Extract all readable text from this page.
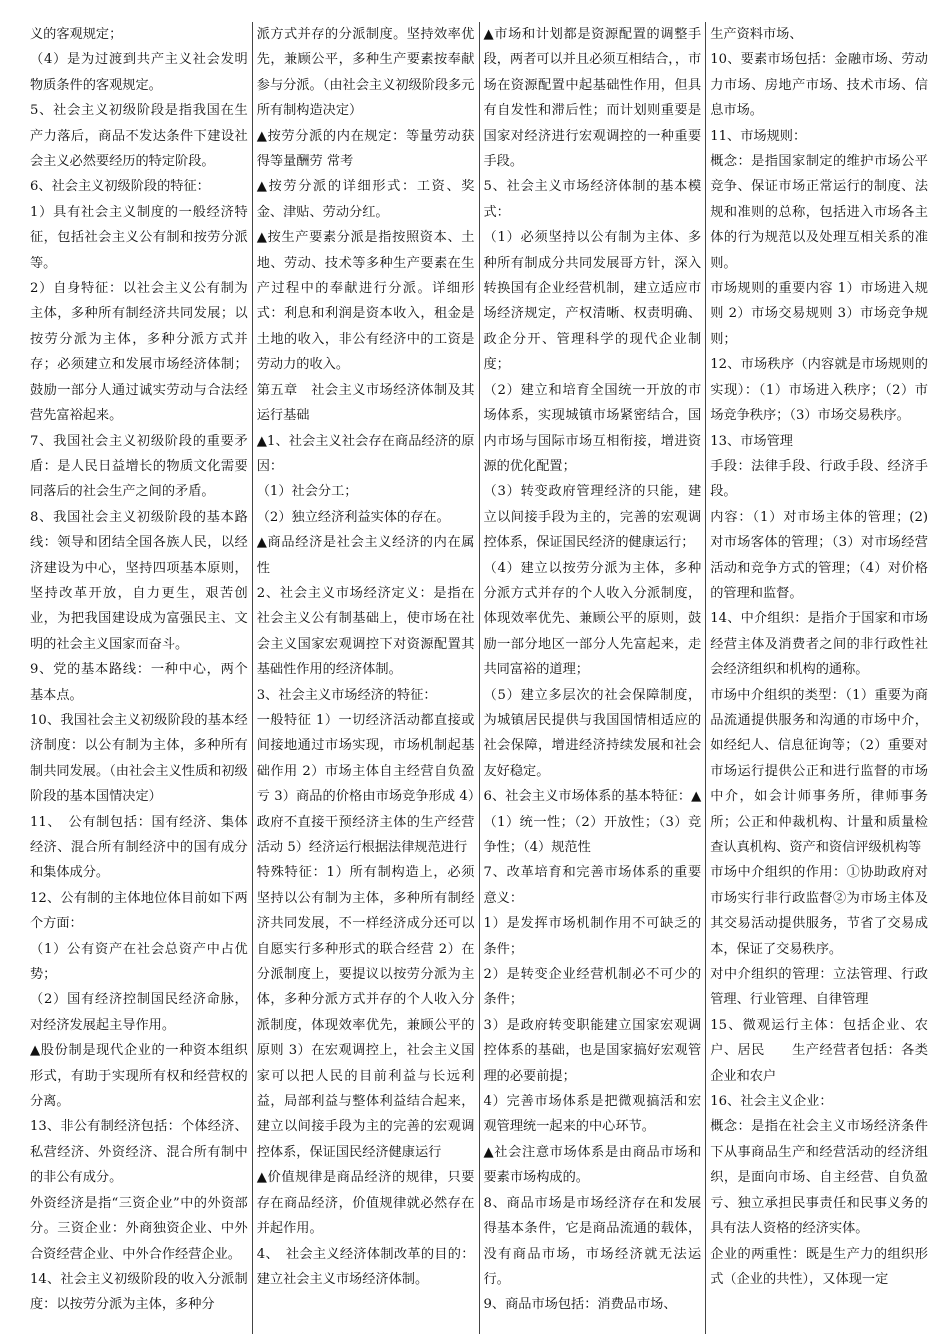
义的客观规定；

（4）是为过渡到共产主义社会发明物质条件的客观规定。

5、社会主义初级阶段是指我国在生产力落后，商品不发达条件下建设社会主义必然要经历的特定阶段。

6、社会主义初级阶段的特征：

1）具有社会主义制度的一般经济特征，包括社会主义公有制和按劳分派等。

2）自身特征：以社会主义公有制为主体，多种所有制经济共同发展；以按劳分派为主体，多种分派方式并存；必须建立和发展市场经济体制；鼓励一部分人通过诚实劳动与合法经营先富裕起来。

7、我国社会主义初级阶段的重要矛盾：是人民日益增长的物质文化需要同落后的社会生产之间的矛盾。

8、我国社会主义初级阶段的基本路线：领导和团结全国各族人民，以经济建设为中心，坚持四项基本原则，坚持改革开放，自力更生，艰苦创业，为把我国建设成为富强民主、文明的社会主义国家而奋斗。

9、党的基本路线：一种中心，两个基本点。

10、我国社会主义初级阶段的基本经济制度：以公有制为主体，多种所有制共同发展。（由社会主义性质和初级阶段的基本国情决定）

11、　公有制包括：国有经济、集体经济、混合所有制经济中的国有成分和集体成分。

12、公有制的主体地位体目前如下两个方面：

（1）公有资产在社会总资产中占优势；

（2）国有经济控制国民经济命脉，对经济发展起主导作用。

▲股份制是现代企业的一种资本组织形式，有助于实现所有权和经营权的分离。

13、非公有制经济包括：个体经济、私营经济、外资经济、混合所有制中的非公有成分。

外资经济是指“三资企业”中的外资部分。三资企业：外商独资企业、中外合资经营企业、中外合作经营企业。

14、社会主义初级阶段的收入分派制度：以按劳分派为主体，多种分

派方式并存的分派制度。坚持效率优先，兼顾公平，多种生产要素按奉献参与分派。（由社会主义初级阶段多元所有制构造决定）

▲按劳分派的内在规定：等量劳动获得等量酬劳 常考

▲按劳分派的详细形式：工资、奖金、津贴、劳动分红。

▲按生产要素分派是指按照资本、土地、劳动、技术等多种生产要素在生产过程中的奉献进行分派。详细形式：利息和利润是资本收入，租金是土地的收入，非公有经济中的工资是劳动力的收入。

第五章　社会主义市场经济体制及其运行基础

▲1、社会主义社会存在商品经济的原因：

（1）社会分工；

（2）独立经济利益实体的存在。

▲商品经济是社会主义经济的内在属性

2、社会主义市场经济定义：是指在社会主义公有制基础上，使市场在社会主义国家宏观调控下对资源配置其基础性作用的经济体制。

3、社会主义市场经济的特征：

一般特征 1）一切经济活动都直接或间接地通过市场实现，市场机制起基础作用 2）市场主体自主经营自负盈亏 3）商品的价格由市场竞争形成 4）政府不直接干预经济主体的生产经营活动 5）经济运行根据法律规范进行

特殊特征：1）所有制构造上，必须坚持以公有制为主体，多种所有制经济共同发展，不一样经济成分还可以自愿实行多种形式的联合经营 2）在分派制度上，要提议以按劳分派为主体，多种分派方式并存的个人收入分派制度，体现效率优先，兼顾公平的原则 3）在宏观调控上，社会主义国家可以把人民的目前利益与长远利益，局部利益与整体利益结合起来，建立以间接手段为主的完善的宏观调控体系，保证国民经济健康运行

▲价值规律是商品经济的规律，只要存在商品经济，价值规律就必然存在并起作用。

4、　社会主义经济体制改革的目的：建立社会主义市场经济体制。

▲市场和计划都是资源配置的调整手段，两者可以并且必须互相结合，，市场在资源配置中起基础性作用，但具有自发性和滞后性；而计划则重要是国家对经济进行宏观调控的一种重要手段。

5、社会主义市场经济体制的基本模式：

（1）必须坚持以公有制为主体、多种所有制成分共同发展哥方针，深入转换国有企业经营机制，建立适应市场经济规定，产权清晰、权责明确、政企分开、管理科学的现代企业制度；

（2）建立和培育全国统一开放的市场体系，实现城镇市场紧密结合，国内市场与国际市场互相衔接，增进资源的优化配置；

（3）转变政府管理经济的只能，建立以间接手段为主的，完善的宏观调控体系，保证国民经济的健康运行；

（4）建立以按劳分派为主体，多种分派方式并存的个人收入分派制度，体现效率优先、兼顾公平的原则，鼓励一部分地区一部分人先富起来，走共同富裕的道理；

（5）建立多层次的社会保障制度，为城镇居民提供与我国国情相适应的社会保障，增进经济持续发展和社会友好稳定。

6、社会主义市场体系的基本特征：▲（1）统一性；（2）开放性；（3）竞争性；（4）规范性

7、改革培育和完善市场体系的重要意义：

1）是发挥市场机制作用不可缺乏的条件；

2）是转变企业经营机制必不可少的条件；

3）是政府转变职能建立国家宏观调控体系的基础，也是国家搞好宏观管理的必要前提；

4）完善市场体系是把微观搞活和宏观管理统一起来的中心环节。

▲社会注意市场体系是由商品市场和要素市场构成的。

8、商品市场是市场经济存在和发展得基本条件，它是商品流通的载体，没有商品市场，市场经济就无法运行。

9、商品市场包括：消费品市场、

生产资料市场、

10、要素市场包括：金融市场、劳动力市场、房地产市场、技术市场、信息市场。

11、市场规则：

概念：是指国家制定的维护市场公平竞争、保证市场正常运行的制度、法规和准则的总称，包括进入市场各主体的行为规范以及处理互相关系的准则。

市场规则的重要内容 1）市场进入规则 2）市场交易规则 3）市场竞争规则；

12、市场秩序（内容就是市场规则的实现）：（1）市场进入秩序；（2）市场竞争秩序；（3）市场交易秩序。

13、市场管理

手段：法律手段、行政手段、经济手段。

内容：（1）对市场主体的管理；(2)对市场客体的管理；（3）对市场经营活动和竞争方式的管理；（4）对价格的管理和监督。

14、中介组织：是指介于国家和市场经营主体及消费者之间的非行政性社会经济组织和机构的通称。

市场中介组织的类型：（1）重要为商品流通提供服务和沟通的市场中介，如经纪人、信息征询等；（2）重要对市场运行提供公正和进行监督的市场中介，如会计师事务所，律师事务所；公正和仲裁机构、计量和质量检查认真机构、资产和资信评级机构等

市场中介组织的作用：①协助政府对市场实行非行政监督②为市场主体及其交易活动提供服务，节省了交易成本，保证了交易秩序。

对中介组织的管理：立法管理、行政管理、行业管理、自律管理

15、微观运行主体：包括企业、农户、居民　　生产经营者包括：各类企业和农户

16、社会主义企业：

概念：是指在社会主义市场经济条件下从事商品生产和经营活动的经济组织，是面向市场、自主经营、自负盈亏、独立承担民事责任和民事义务的具有法人资格的经济实体。

企业的两重性：既是生产力的组织形式（企业的共性），又体现一定
